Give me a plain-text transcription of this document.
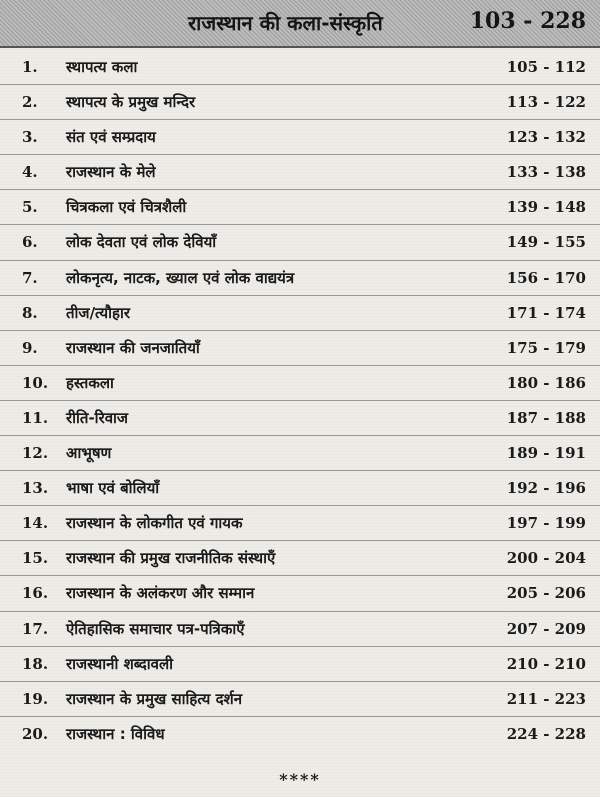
राजस्थान की कला-संस्कृति	103 - 228
1. स्थापत्य कला	105 - 112
2. स्थापत्य के प्रमुख मन्दिर	113 - 122
3. संत एवं सम्प्रदाय	123 - 132
4. राजस्थान के मेले	133 - 138
5. चित्रकला एवं चित्रशैली	139 - 148
6. लोक देवता एवं लोक देवियाँ	149 - 155
7. लोकनृत्य, नाटक, ख्याल एवं लोक वाद्ययंत्र	156 - 170
8. तीज/त्यौहार	171 - 174
9. राजस्थान की जनजातियाँ	175 - 179
10. हस्तकला	180 - 186
11. रीति-रिवाज	187 - 188
12. आभूषण	189 - 191
13. भाषा एवं बोलियाँ	192 - 196
14. राजस्थान के लोकगीत एवं गायक	197 - 199
15. राजस्थान की प्रमुख राजनीतिक संस्थाएँ	200 - 204
16. राजस्थान के अलंकरण और सम्मान	205 - 206
17. ऐतिहासिक समाचार पत्र-पत्रिकाएँ	207 - 209
18. राजस्थानी शब्दावली	210 - 210
19. राजस्थान के प्रमुख साहित्य दर्शन	211 - 223
20. राजस्थान : विविध	224 - 228
****
